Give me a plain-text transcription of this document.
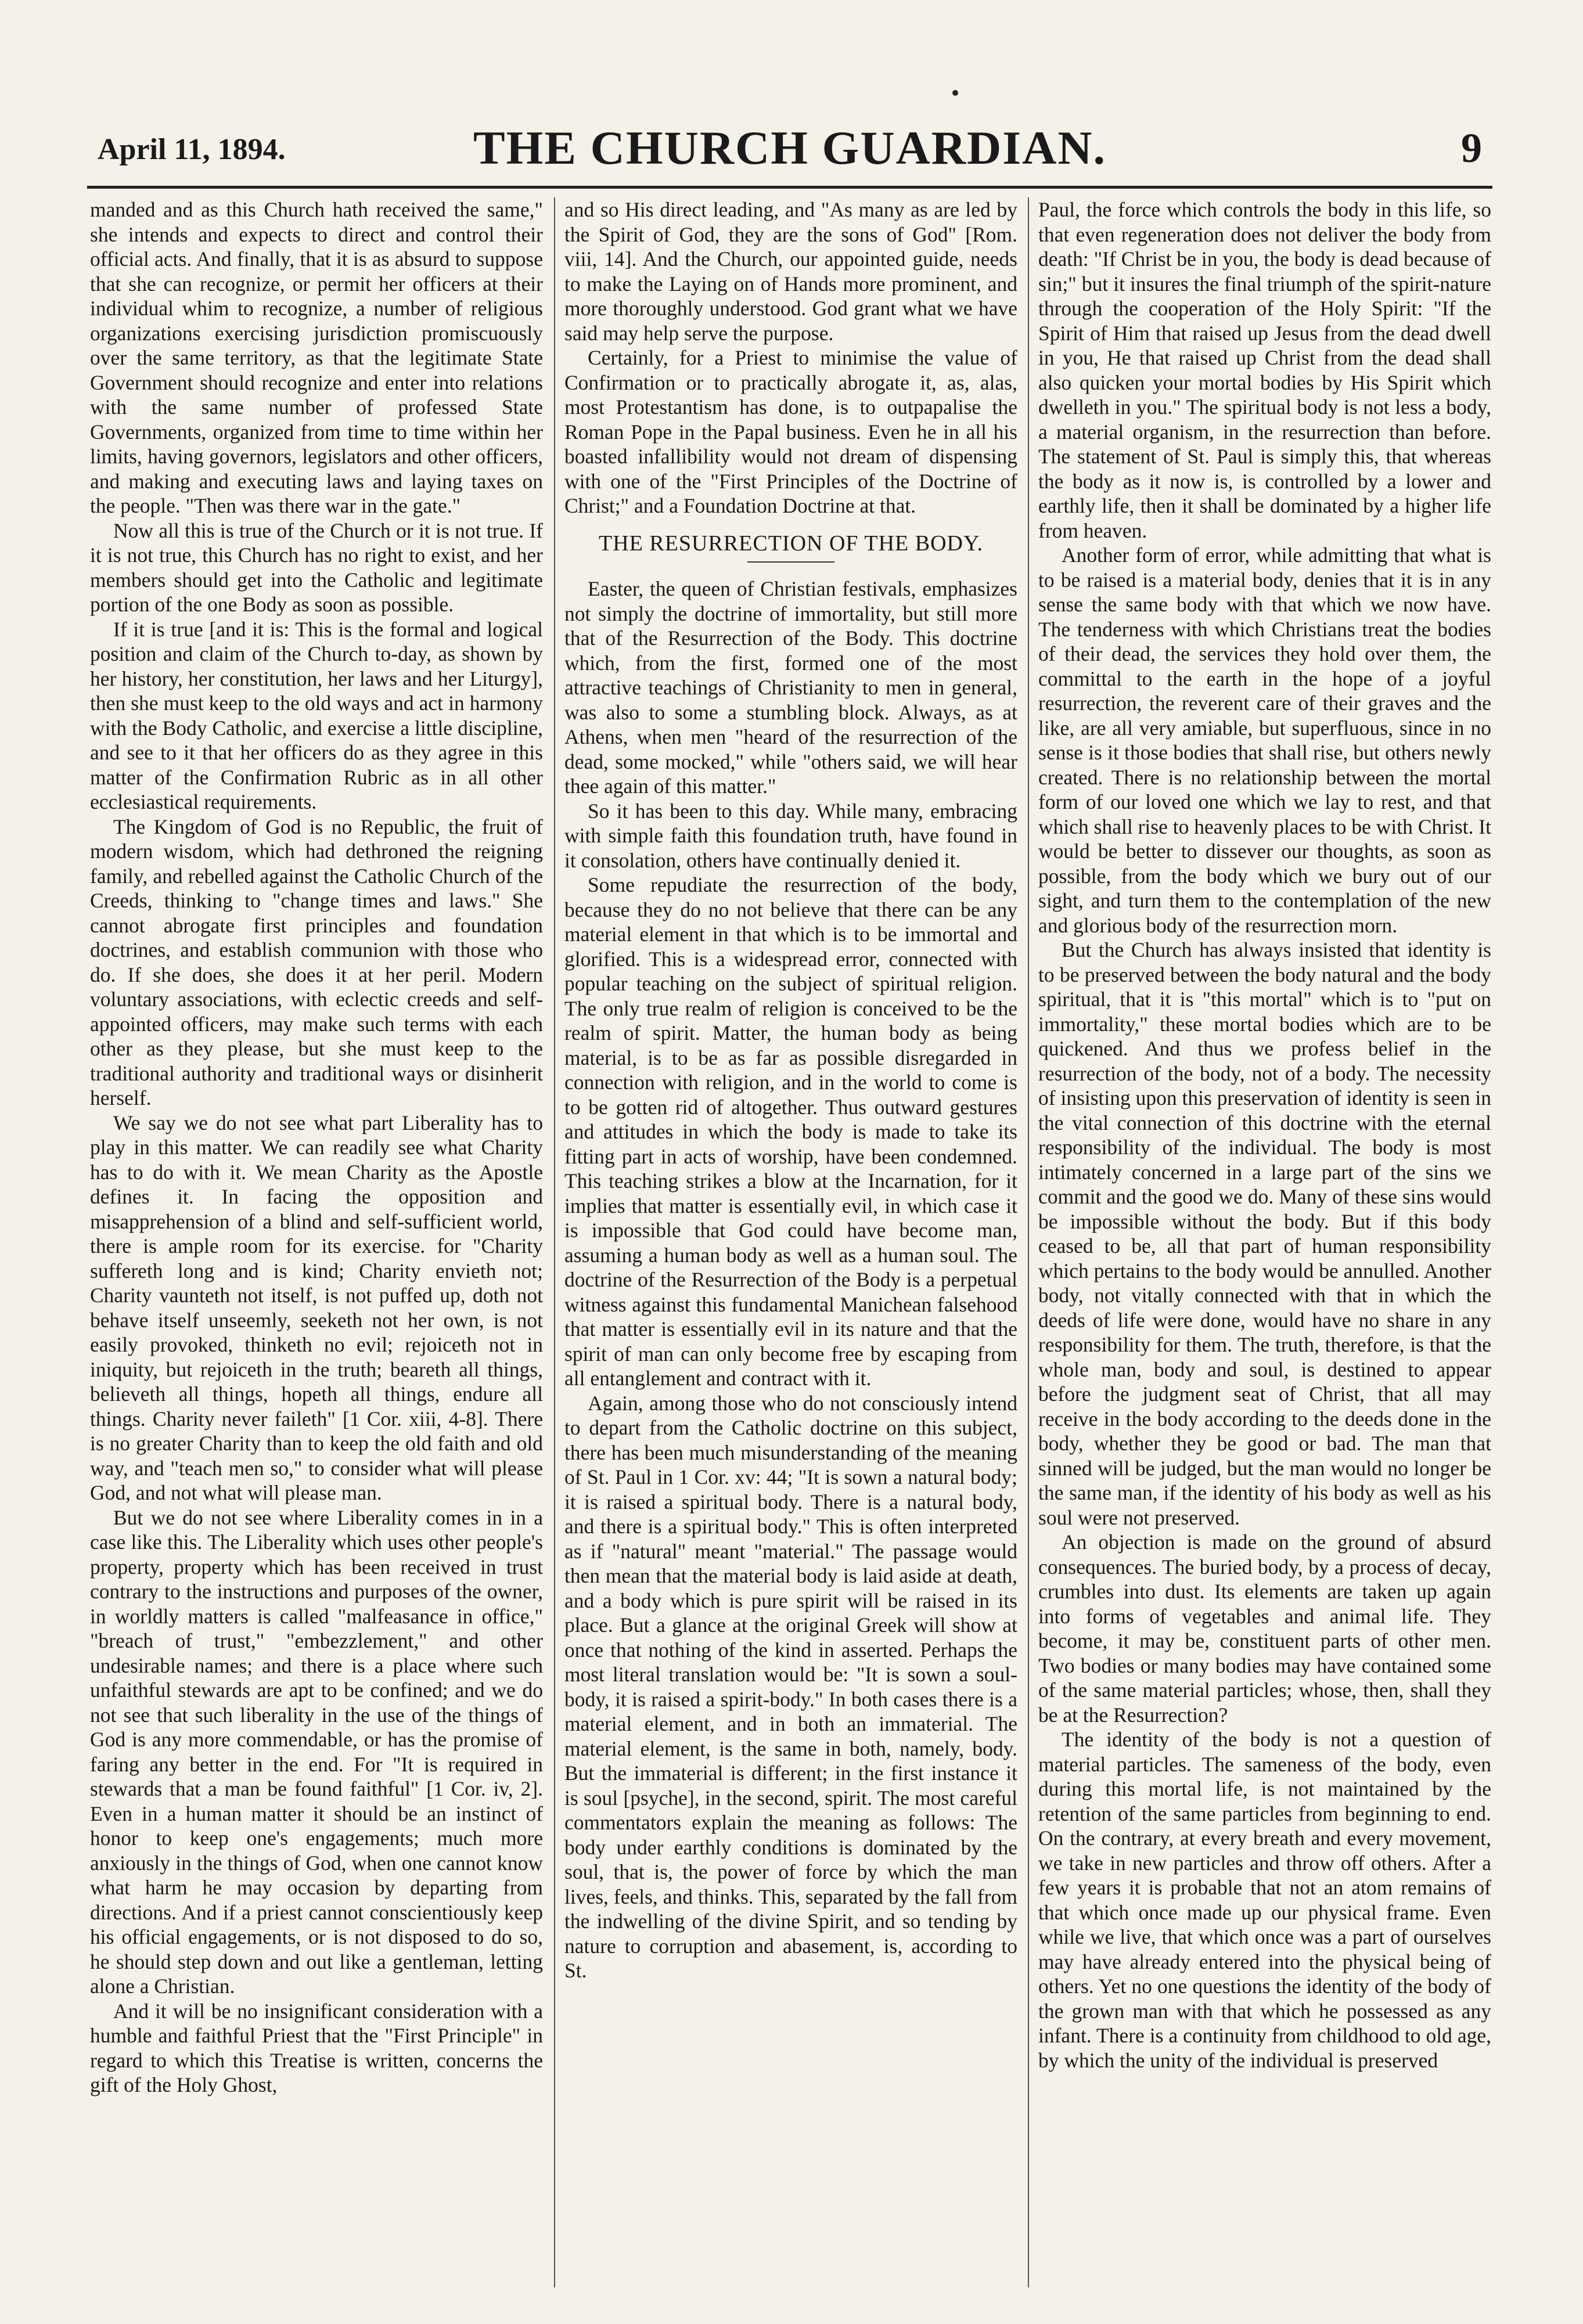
April 11, 1894.	THE CHURCH GUARDIAN.	9

manded and as this Church hath received the same," she intends and expects to direct and control their official acts. And finally, that it is as absurd to suppose that she can recognize, or permit her officers at their individual whim to recognize, a number of religious organizations exercising jurisdiction promiscuously over the same territory, as that the legitimate State Government should recognize and enter into relations with the same number of professed State Governments, organized from time to time within her limits, having governors, legislators and other officers, and making and executing laws and laying taxes on the people. "Then was there war in the gate."

Now all this is true of the Church or it is not true. If it is not true, this Church has no right to exist, and her members should get into the Catholic and legitimate portion of the one Body as soon as possible.

If it is true [and it is: This is the formal and logical position and claim of the Church to-day, as shown by her history, her constitution, her laws and her Liturgy], then she must keep to the old ways and act in harmony with the Body Catholic, and exercise a little discipline, and see to it that her officers do as they agree in this matter of the Confirmation Rubric as in all other ecclesiastical requirements.

The Kingdom of God is no Republic, the fruit of modern wisdom, which had dethroned the reigning family, and rebelled against the Catholic Church of the Creeds, thinking to "change times and laws." She cannot abrogate first principles and foundation doctrines, and establish communion with those who do. If she does, she does it at her peril. Modern voluntary associations, with eclectic creeds and self-appointed officers, may make such terms with each other as they please, but she must keep to the traditional authority and traditional ways or disinherit herself.

We say we do not see what part Liberality has to play in this matter. We can readily see what Charity has to do with it. We mean Charity as the Apostle defines it. In facing the opposition and misapprehension of a blind and self-sufficient world, there is ample room for its exercise. for "Charity suffereth long and is kind; Charity envieth not; Charity vaunteth not itself, is not puffed up, doth not behave itself unseemly, seeketh not her own, is not easily provoked, thinketh no evil; rejoiceth not in iniquity, but rejoiceth in the truth; beareth all things, believeth all things, hopeth all things, endure all things. Charity never faileth" [1 Cor. xiii, 4-8]. There is no greater Charity than to keep the old faith and old way, and "teach men so," to consider what will please God, and not what will please man.

But we do not see where Liberality comes in in a case like this. The Liberality which uses other people's property, property which has been received in trust contrary to the instructions and purposes of the owner, in worldly matters is called "malfeasance in office," "breach of trust," "embezzlement," and other undesirable names; and there is a place where such unfaithful stewards are apt to be confined; and we do not see that such liberality in the use of the things of God is any more commendable, or has the promise of faring any better in the end. For "It is required in stewards that a man be found faithful" [1 Cor. iv, 2]. Even in a human matter it should be an instinct of honor to keep one's engagements; much more anxiously in the things of God, when one cannot know what harm he may occasion by departing from directions. And if a priest cannot conscientiously keep his official engagements, or is not disposed to do so, he should step down and out like a gentleman, letting alone a Christian.

And it will be no insignificant consideration with a humble and faithful Priest that the "First Principle" in regard to which this Treatise is written, concerns the gift of the Holy Ghost,

and so His direct leading, and "As many as are led by the Spirit of God, they are the sons of God" [Rom. viii, 14]. And the Church, our appointed guide, needs to make the Laying on of Hands more prominent, and more thoroughly understood. God grant what we have said may help serve the purpose.

Certainly, for a Priest to minimise the value of Confirmation or to practically abrogate it, as, alas, most Protestantism has done, is to outpapalise the Roman Pope in the Papal business. Even he in all his boasted infallibility would not dream of dispensing with one of the "First Principles of the Doctrine of Christ;" and a Foundation Doctrine at that.

THE RESURRECTION OF THE BODY.

Easter, the queen of Christian festivals, emphasizes not simply the doctrine of immortality, but still more that of the Resurrection of the Body. This doctrine which, from the first, formed one of the most attractive teachings of Christianity to men in general, was also to some a stumbling block. Always, as at Athens, when men "heard of the resurrection of the dead, some mocked," while "others said, we will hear thee again of this matter."

So it has been to this day. While many, embracing with simple faith this foundation truth, have found in it consolation, others have continually denied it.

Some repudiate the resurrection of the body, because they do no not believe that there can be any material element in that which is to be immortal and glorified. This is a widespread error, connected with popular teaching on the subject of spiritual religion. The only true realm of religion is conceived to be the realm of spirit. Matter, the human body as being material, is to be as far as possible disregarded in connection with religion, and in the world to come is to be gotten rid of altogether. Thus outward gestures and attitudes in which the body is made to take its fitting part in acts of worship, have been condemned. This teaching strikes a blow at the Incarnation, for it implies that matter is essentially evil, in which case it is impossible that God could have become man, assuming a human body as well as a human soul. The doctrine of the Resurrection of the Body is a perpetual witness against this fundamental Manichean falsehood that matter is essentially evil in its nature and that the spirit of man can only become free by escaping from all entanglement and contract with it.

Again, among those who do not consciously intend to depart from the Catholic doctrine on this subject, there has been much misunderstanding of the meaning of St. Paul in 1 Cor. xv: 44; "It is sown a natural body; it is raised a spiritual body. There is a natural body, and there is a spiritual body." This is often interpreted as if "natural" meant "material." The passage would then mean that the material body is laid aside at death, and a body which is pure spirit will be raised in its place. But a glance at the original Greek will show at once that nothing of the kind in asserted. Perhaps the most literal translation would be: "It is sown a soul-body, it is raised a spirit-body." In both cases there is a material element, and in both an immaterial. The material element, is the same in both, namely, body. But the immaterial is different; in the first instance it is soul [psyche], in the second, spirit. The most careful commentators explain the meaning as follows: The body under earthly conditions is dominated by the soul, that is, the power of force by which the man lives, feels, and thinks. This, separated by the fall from the indwelling of the divine Spirit, and so tending by nature to corruption and abasement, is, according to St.

Paul, the force which controls the body in this life, so that even regeneration does not deliver the body from death: "If Christ be in you, the body is dead because of sin;" but it insures the final triumph of the spirit-nature through the cooperation of the Holy Spirit: "If the Spirit of Him that raised up Jesus from the dead dwell in you, He that raised up Christ from the dead shall also quicken your mortal bodies by His Spirit which dwelleth in you." The spiritual body is not less a body, a material organism, in the resurrection than before. The statement of St. Paul is simply this, that whereas the body as it now is, is controlled by a lower and earthly life, then it shall be dominated by a higher life from heaven.

Another form of error, while admitting that what is to be raised is a material body, denies that it is in any sense the same body with that which we now have. The tenderness with which Christians treat the bodies of their dead, the services they hold over them, the committal to the earth in the hope of a joyful resurrection, the reverent care of their graves and the like, are all very amiable, but superfluous, since in no sense is it those bodies that shall rise, but others newly created. There is no relationship between the mortal form of our loved one which we lay to rest, and that which shall rise to heavenly places to be with Christ. It would be better to dissever our thoughts, as soon as possible, from the body which we bury out of our sight, and turn them to the contemplation of the new and glorious body of the resurrection morn.

But the Church has always insisted that identity is to be preserved between the body natural and the body spiritual, that it is "this mortal" which is to "put on immortality," these mortal bodies which are to be quickened. And thus we profess belief in the resurrection of the body, not of a body. The necessity of insisting upon this preservation of identity is seen in the vital connection of this doctrine with the eternal responsibility of the individual. The body is most intimately concerned in a large part of the sins we commit and the good we do. Many of these sins would be impossible without the body. But if this body ceased to be, all that part of human responsibility which pertains to the body would be annulled. Another body, not vitally connected with that in which the deeds of life were done, would have no share in any responsibility for them. The truth, therefore, is that the whole man, body and soul, is destined to appear before the judgment seat of Christ, that all may receive in the body according to the deeds done in the body, whether they be good or bad. The man that sinned will be judged, but the man would no longer be the same man, if the identity of his body as well as his soul were not preserved.

An objection is made on the ground of absurd consequences. The buried body, by a process of decay, crumbles into dust. Its elements are taken up again into forms of vegetables and animal life. They become, it may be, constituent parts of other men. Two bodies or many bodies may have contained some of the same material particles; whose, then, shall they be at the Resurrection?

The identity of the body is not a question of material particles. The sameness of the body, even during this mortal life, is not maintained by the retention of the same particles from beginning to end. On the contrary, at every breath and every movement, we take in new particles and throw off others. After a few years it is probable that not an atom remains of that which once made up our physical frame. Even while we live, that which once was a part of ourselves may have already entered into the physical being of others. Yet no one questions the identity of the body of the grown man with that which he possessed as any infant. There is a continuity from childhood to old age, by which the unity of the individual is preserved
